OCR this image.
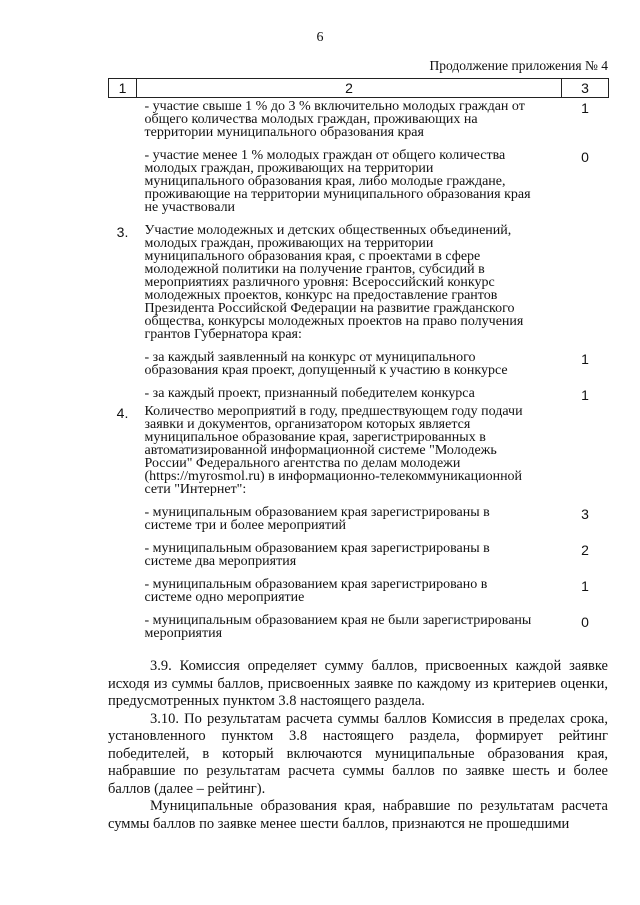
6
Продолжение приложения № 4
1	2	3
	- участие свыше 1 % до 3 % включительно молодых граждан от общего количества молодых граждан, проживающих на территории муниципального образования края	1
	- участие менее 1 % молодых граждан от общего количества молодых граждан, проживающих на территории муниципального образования края, либо молодые граждане, проживающие на территории муниципального образования края не участвовали	0
3.	Участие молодежных и детских общественных объединений, молодых граждан, проживающих на территории муниципального образования края, с проектами в сфере молодежной политики на получение грантов, субсидий в мероприятиях различного уровня: Всероссийский конкурс молодежных проектов, конкурс на предоставление грантов Президента Российской Федерации на развитие гражданского общества, конкурсы молодежных проектов на право получения грантов Губернатора края:	
	- за каждый заявленный на конкурс от муниципального образования края проект, допущенный к участию в конкурсе	1
	- за каждый проект, признанный победителем конкурса	1
4.	Количество мероприятий в году, предшествующем году подачи заявки и документов, организатором которых является муниципальное образование края, зарегистрированных в автоматизированной информационной системе "Молодежь России" Федерального агентства по делам молодежи (https://myrosmol.ru) в информационно-телекоммуникационной сети "Интернет":	
	- муниципальным образованием края зарегистрированы в системе три и более мероприятий	3
	- муниципальным образованием края зарегистрированы в системе два мероприятия	2
	- муниципальным образованием края зарегистрировано в системе одно мероприятие	1
	- муниципальным образованием края не были зарегистрированы мероприятия	0

3.9. Комиссия определяет сумму баллов, присвоенных каждой заявке исходя из суммы баллов, присвоенных заявке по каждому из критериев оценки, предусмотренных пунктом 3.8 настоящего раздела.

3.10. По результатам расчета суммы баллов Комиссия в пределах срока, установленного пунктом 3.8 настоящего раздела, формирует рейтинг победителей, в который включаются муниципальные образования края, набравшие по результатам расчета суммы баллов по заявке шесть и более баллов (далее – рейтинг).

Муниципальные образования края, набравшие по результатам расчета суммы баллов по заявке менее шести баллов, признаются не прошедшими
